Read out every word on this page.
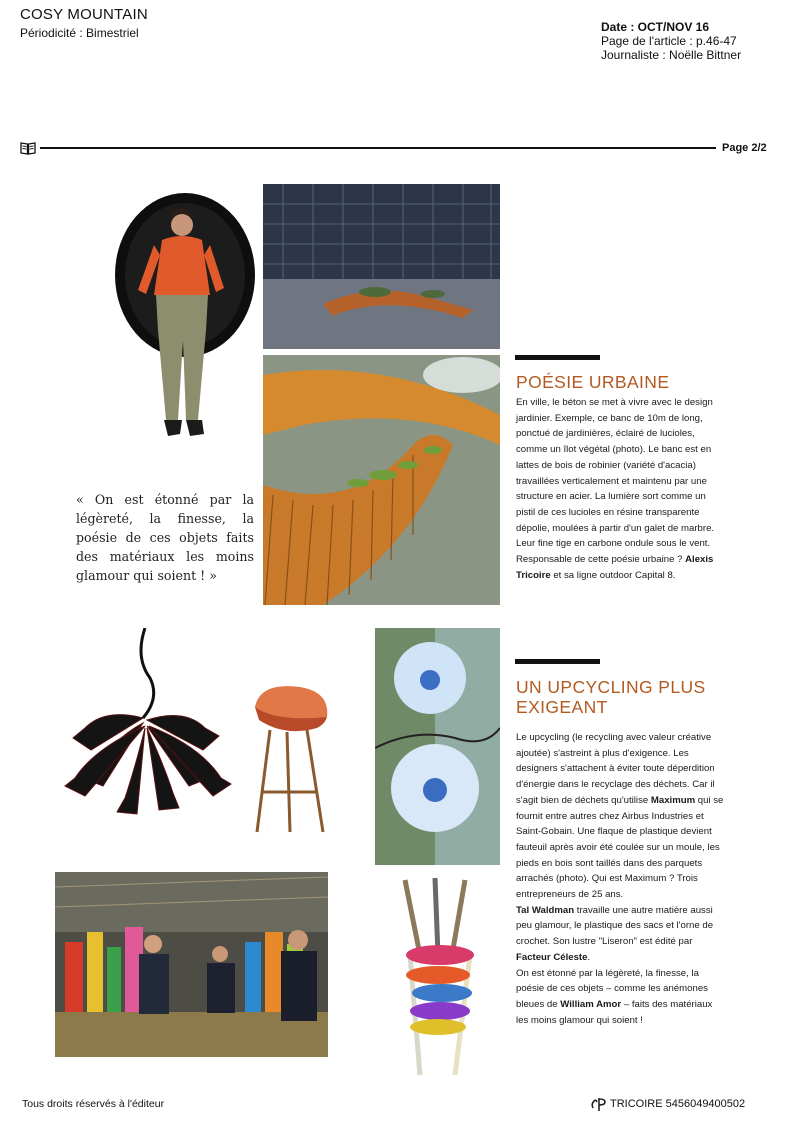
COSY MOUNTAIN
Périodicité : Bimestriel	Date : OCT/NOV 16
Page de l'article : p.46-47
Journaliste : Noëlle Bittner
Page 2/2
« On est étonné par la légèreté, la finesse, la poésie de ces objets faits des matériaux les moins glamour qui soient ! »
POÉSIE URBAINE

En ville, le béton se met à vivre avec le design jardinier. Exemple, ce banc de 10m de long, ponctué de jardinières, éclairé de lucioles, comme un îlot végétal (photo). Le banc est en lattes de bois de robinier (variété d'acacia) travaillées verticalement et maintenu par une structure en acier. La lumière sort comme un pistil de ces lucioles en résine transparente dépolie, moulées à partir d'un galet de marbre. Leur fine tige en carbone ondule sous le vent. Responsable de cette poésie urbaine ? Alexis Tricoire et sa ligne outdoor Capital 8.

UN UPCYCLING PLUS EXIGEANT

Le upcycling (le recycling avec valeur créative ajoutée) s'astreint à plus d'exigence. Les designers s'attachent à éviter toute déperdition d'énergie dans le recyclage des déchets. Car il s'agit bien de déchets qu'utilise Maximum qui se fournit entre autres chez Airbus Industries et Saint-Gobain. Une flaque de plastique devient fauteuil après avoir été coulée sur un moule, les pieds en bois sont taillés dans des parquets arrachés (photo). Qui est Maximum ? Trois entrepreneurs de 25 ans.

Tal Waldman travaille une autre matière aussi peu glamour, le plastique des sacs et l'orne de crochet. Son lustre "Liseron" est édité par Facteur Céleste.

On est étonné par la légèreté, la finesse, la poésie de ces objets – comme les anémones bleues de William Amor – faits des matériaux les moins glamour qui soient !

Tous droits réservés à l'éditeur	TRICOIRE 5456049400502
